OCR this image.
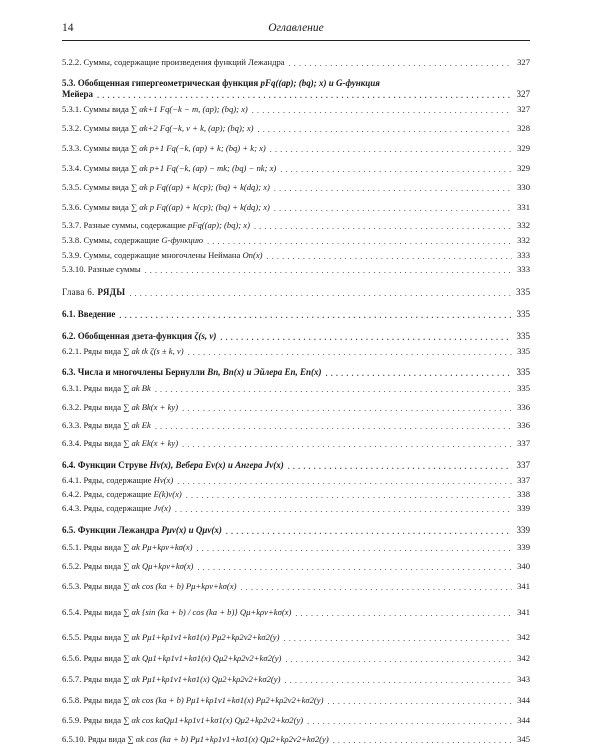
14	Оглавление
5.2.2. Суммы, содержащие произведения функций Лежандра . . .	327
5.3. Обобщенная гипергеометрическая функция pFq((ap); (bq); x) и G-функция
Мейера . . .	327
5.3.1. Суммы вида ∑ αk+1 Fq(−k − m, (ap); (bq); x) . . .	327
5.3.2. Суммы вида ∑ αk+2 Fq(−k, ν + k, (ap); (bq); x) . . .	328
5.3.3. Суммы вида ∑ αk p+1 Fq(−k, (ap) + k; (bq) + k; x) . . .	329
5.3.4. Суммы вида ∑ αk p+1 Fq(−k, (ap) − mk; (bq) − nk; x) . . .	329
5.3.5. Суммы вида ∑ αk p Fq((ap) + k(cp); (bq) + k(dq); x) . . .	330
5.3.6. Суммы вида ∑ αk p Fq((ap) + k(cp); (bq) + k(dq); x) . . .	331
5.3.7. Разные суммы, содержащие pFq((ap); (bq); x) . . .	332
5.3.8. Суммы, содержащие G-функцию . . .	332
5.3.9. Суммы, содержащие многочлены Неймана On(x) . . .	333
5.3.10. Разные суммы . . .	333
Глава 6. РЯДЫ . . .	335
6.1. Введение . . .	335
6.2. Обобщенная дзета-функция ζ(s, ν) . . .	335
6.2.1. Ряды вида ∑ ak tk ζ(s ± k, ν) . . .	335
6.3. Числа и многочлены Бернулли Bn, Bn(x) и Эйлера En, En(x) . . .	335
6.3.1. Ряды вида ∑ ak Bk . . .	335
6.3.2. Ряды вида ∑ ak Bk(x + ky) . . .	336
6.3.3. Ряды вида ∑ ak Ek . . .	336
6.3.4. Ряды вида ∑ ak Ek(x + ky) . . .	337
6.4. Функции Струве Hν(x), Вебера Eν(x) и Ангера Jν(x) . . .	337
6.4.1. Ряды, содержащие Hν(x) . . .	337
6.4.2. Ряды, содержащие E(k)ν(x) . . .	338
6.4.3. Ряды, содержащие Jν(x) . . .	339
6.5. Функции Лежандра Pμν(x) и Qμν(x) . . .	339
6.5.1. Ряды вида ∑ αk Pμ+kρν+kσ(x) . . .	339
6.5.2. Ряды вида ∑ αk Qμ+kρν+kσ(x) . . .	340
6.5.3. Ряды вида ∑ αk cos (ka + b) Pμ+kρν+kσ(x) . . .	341
6.5.4. Ряды вида ∑ αk {sin (ka + b) / cos (ka + b)} Qμ+kρν+kσ(x) . . .	341
6.5.5. Ряды вида ∑ αk Pμ1+kρ1ν1+kσ1(x) Pμ2+kρ2ν2+kσ2(y) . . .	342
6.5.6. Ряды вида ∑ αk Qμ1+kρ1ν1+kσ1(x) Qμ2+kρ2ν2+kσ2(y) . . .	342
6.5.7. Ряды вида ∑ αk Pμ1+kρ1ν1+kσ1(x) Qμ2+kρ2ν2+kσ2(y) . . .	343
6.5.8. Ряды вида ∑ αk cos (ka + b) Pμ1+kρ1ν1+kσ1(x) Pμ2+kρ2ν2+kσ2(y) . . .	344
6.5.9. Ряды вида ∑ αk cos kaQμ1+kρ1ν1+kσ1(x) Qμ2+kρ2ν2+kσ2(y) . . .	344
6.5.10. Ряды вида ∑ αk cos (ka + b) Pμ1+kρ1ν1+kσ1(x) Qμ2+kρ2ν2+kσ2(y) . . .	345
